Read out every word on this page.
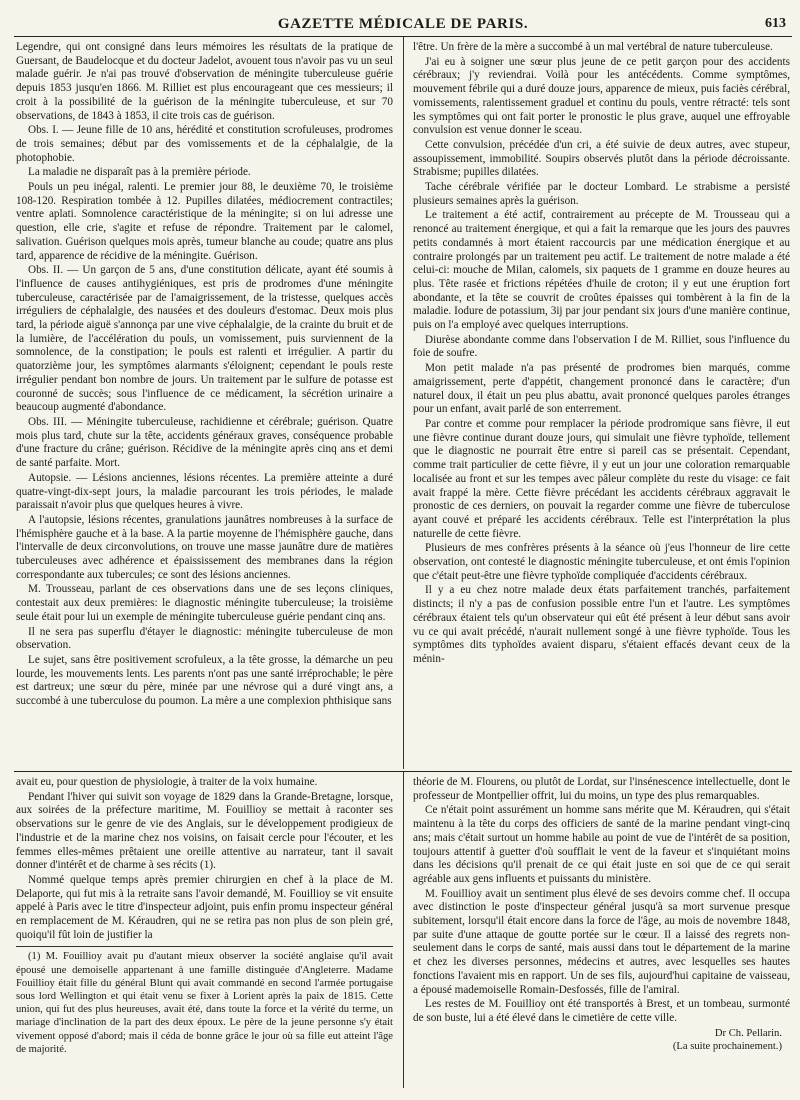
GAZETTE MÉDICALE DE PARIS.	613

Legendre, qui ont consigné dans leurs mémoires les résultats de la pratique de Guersant, de Baudelocque et du docteur Jadelot, avouent tous n'avoir pas vu un seul malade guérir. Je n'ai pas trouvé d'observation de méningite tuberculeuse guérie depuis 1853 jusqu'en 1866. M. Rilliet est plus encourageant que ces messieurs; il croit à la possibilité de la guérison de la méningite tuberculeuse, et sur 70 observations, de 1843 à 1853, il cite trois cas de guérison.

Obs. I. — Jeune fille de 10 ans, hérédité et constitution scrofuleuses, prodromes de trois semaines; début par des vomissements et de la céphalalgie, de la photophobie.

La maladie ne disparaît pas à la première période.

Pouls un peu inégal, ralenti. Le premier jour 88, le deuxième 70, le troisième 108-120. Respiration tombée à 12. Pupilles dilatées, médiocrement contractiles; ventre aplati. Somnolence caractéristique de la méningite; si on lui adresse une question, elle crie, s'agite et refuse de répondre. Traitement par le calomel, salivation. Guérison quelques mois après, tumeur blanche au coude; quatre ans plus tard, apparence de récidive de la méningite. Guérison.

Obs. II. — Un garçon de 5 ans, d'une constitution délicate, ayant été soumis à l'influence de causes antihygiéniques, est pris de prodromes d'une méningite tuberculeuse, caractérisée par de l'amaigrissement, de la tristesse, quelques accès irréguliers de céphalalgie, des nausées et des douleurs d'estomac. Deux mois plus tard, la période aiguë s'annonça par une vive céphalalgie, de la crainte du bruit et de la lumière, de l'accélération du pouls, un vomissement, puis surviennent de la somnolence, de la constipation; le pouls est ralenti et irrégulier. A partir du quatorzième jour, les symptômes alarmants s'éloignent; cependant le pouls reste irrégulier pendant bon nombre de jours. Un traitement par le sulfure de potasse est couronné de succès; sous l'influence de ce médicament, la sécrétion urinaire a beaucoup augmenté d'abondance.

Obs. III. — Méningite tuberculeuse, rachidienne et cérébrale; guérison. Quatre mois plus tard, chute sur la tête, accidents généraux graves, conséquence probable d'une fracture du crâne; guérison. Récidive de la méningite après cinq ans et demi de santé parfaite. Mort.

Autopsie. — Lésions anciennes, lésions récentes. La première atteinte a duré quatre-vingt-dix-sept jours, la maladie parcourant les trois périodes, le malade paraissait n'avoir plus que quelques heures à vivre.

A l'autopsie, lésions récentes, granulations jaunâtres nombreuses à la surface de l'hémisphère gauche et à la base. A la partie moyenne de l'hémisphère gauche, dans l'intervalle de deux circonvolutions, on trouve une masse jaunâtre dure de matières tuberculeuses avec adhérence et épaississement des membranes dans la région correspondante aux tubercules; ce sont des lésions anciennes.

M. Trousseau, parlant de ces observations dans une de ses leçons cliniques, contestait aux deux premières: le diagnostic méningite tuberculeuse; la troisième seule était pour lui un exemple de méningite tuberculeuse guérie pendant cinq ans.

Il ne sera pas superflu d'étayer le diagnostic: méningite tuberculeuse de mon observation.

Le sujet, sans être positivement scrofuleux, a la tête grosse, la démarche un peu lourde, les mouvements lents. Les parents n'ont pas une santé irréprochable; le père est dartreux; une sœur du père, minée par une névrose qui a duré vingt ans, a succombé à une tuberculose du poumon. La mère a une complexion phthisique sans

l'être. Un frère de la mère a succombé à un mal vertébral de nature tuberculeuse.

J'ai eu à soigner une sœur plus jeune de ce petit garçon pour des accidents cérébraux; j'y reviendrai. Voilà pour les antécédents. Comme symptômes, mouvement fébrile qui a duré douze jours, apparence de mieux, puis faciès cérébral, vomissements, ralentissement graduel et continu du pouls, ventre rétracté: tels sont les symptômes qui ont fait porter le pronostic le plus grave, auquel une effroyable convulsion est venue donner le sceau.

Cette convulsion, précédée d'un cri, a été suivie de deux autres, avec stupeur, assoupissement, immobilité. Soupirs observés plutôt dans la période décroissante. Strabisme; pupilles dilatées.

Tache cérébrale vérifiée par le docteur Lombard. Le strabisme a persisté plusieurs semaines après la guérison.

Le traitement a été actif, contrairement au précepte de M. Trousseau qui a renoncé au traitement énergique, et qui a fait la remarque que les jours des pauvres petits condamnés à mort étaient raccourcis par une médication énergique et au contraire prolongés par un traitement peu actif. Le traitement de notre malade a été celui-ci: mouche de Milan, calomels, six paquets de 1 gramme en douze heures au plus. Tête rasée et frictions répétées d'huile de croton; il y eut une éruption fort abondante, et la tête se couvrit de croûtes épaisses qui tombèrent à la fin de la maladie. Iodure de potassium, 3ij par jour pendant six jours d'une manière continue, puis on l'a employé avec quelques interruptions.

Diurèse abondante comme dans l'observation I de M. Rilliet, sous l'influence du foie de soufre.

Mon petit malade n'a pas présenté de prodromes bien marqués, comme amaigrissement, perte d'appétit, changement prononcé dans le caractère; d'un naturel doux, il était un peu plus abattu, avait prononcé quelques paroles étranges pour un enfant, avait parlé de son enterrement.

Par contre et comme pour remplacer la période prodromique sans fièvre, il eut une fièvre continue durant douze jours, qui simulait une fièvre typhoïde, tellement que le diagnostic ne pourrait être entre si pareil cas se présentait. Cependant, comme trait particulier de cette fièvre, il y eut un jour une coloration remarquable localisée au front et sur les tempes avec pâleur complète du reste du visage: ce fait avait frappé la mère. Cette fièvre précédant les accidents cérébraux aggravait le pronostic de ces derniers, on pouvait la regarder comme une fièvre de tuberculose ayant couvé et préparé les accidents cérébraux. Telle est l'interprétation la plus naturelle de cette fièvre.

Plusieurs de mes confrères présents à la séance où j'eus l'honneur de lire cette observation, ont contesté le diagnostic méningite tuberculeuse, et ont émis l'opinion que c'était peut-être une fièvre typhoïde compliquée d'accidents cérébraux.

Il y a eu chez notre malade deux états parfaitement tranchés, parfaitement distincts; il n'y a pas de confusion possible entre l'un et l'autre. Les symptômes cérébraux étaient tels qu'un observateur qui eût été présent à leur début sans avoir vu ce qui avait précédé, n'aurait nullement songé à une fièvre typhoïde. Tous les symptômes dits typhoïdes avaient disparu, s'étaient effacés devant ceux de la ménin-

avait eu, pour question de physiologie, à traiter de la voix humaine.

Pendant l'hiver qui suivit son voyage de 1829 dans la Grande-Bretagne, lorsque, aux soirées de la préfecture maritime, M. Fouillioy se mettait à raconter ses observations sur le genre de vie des Anglais, sur le développement prodigieux de l'industrie et de la marine chez nos voisins, on faisait cercle pour l'écouter, et les femmes elles-mêmes prêtaient une oreille attentive au narrateur, tant il savait donner d'intérêt et de charme à ses récits (1).

Nommé quelque temps après premier chirurgien en chef à la place de M. Delaporte, qui fut mis à la retraite sans l'avoir demandé, M. Fouillioy se vit ensuite appelé à Paris avec le titre d'inspecteur adjoint, puis enfin promu inspecteur général en remplacement de M. Kéraudren, qui ne se retira pas non plus de son plein gré, quoiqu'il fût loin de justifier la

(1) M. Fouillioy avait pu d'autant mieux observer la société anglaise qu'il avait épousé une demoiselle appartenant à une famille distinguée d'Angleterre. Madame Fouillioy était fille du général Blunt qui avait commandé en second l'armée portugaise sous lord Wellington et qui était venu se fixer à Lorient après la paix de 1815. Cette union, qui fut des plus heureuses, avait été, dans toute la force et la vérité du terme, un mariage d'inclination de la part des deux époux. Le père de la jeune personne s'y était vivement opposé d'abord; mais il céda de bonne grâce le jour où sa fille eut atteint l'âge de majorité.

théorie de M. Flourens, ou plutôt de Lordat, sur l'insénescence intellectuelle, dont le professeur de Montpellier offrit, lui du moins, un type des plus remarquables.

Ce n'était point assurément un homme sans mérite que M. Kéraudren, qui s'était maintenu à la tête du corps des officiers de santé de la marine pendant vingt-cinq ans; mais c'était surtout un homme habile au point de vue de l'intérêt de sa position, toujours attentif à guetter d'où soufflait le vent de la faveur et s'inquiétant moins dans les décisions qu'il prenait de ce qui était juste en soi que de ce qui serait agréable aux gens influents et puissants du ministère.

M. Fouillioy avait un sentiment plus élevé de ses devoirs comme chef. Il occupa avec distinction le poste d'inspecteur général jusqu'à sa mort survenue presque subitement, lorsqu'il était encore dans la force de l'âge, au mois de novembre 1848, par suite d'une attaque de goutte portée sur le cœur. Il a laissé des regrets non-seulement dans le corps de santé, mais aussi dans tout le département de la marine et chez les diverses personnes, médecins et autres, avec lesquelles ses hautes fonctions l'avaient mis en rapport. Un de ses fils, aujourd'hui capitaine de vaisseau, a épousé mademoiselle Romain-Desfossés, fille de l'amiral.

Les restes de M. Fouillioy ont été transportés à Brest, et un tombeau, surmonté de son buste, lui a été élevé dans le cimetière de cette ville.

Dr Ch. Pellarin.
(La suite prochainement.)
